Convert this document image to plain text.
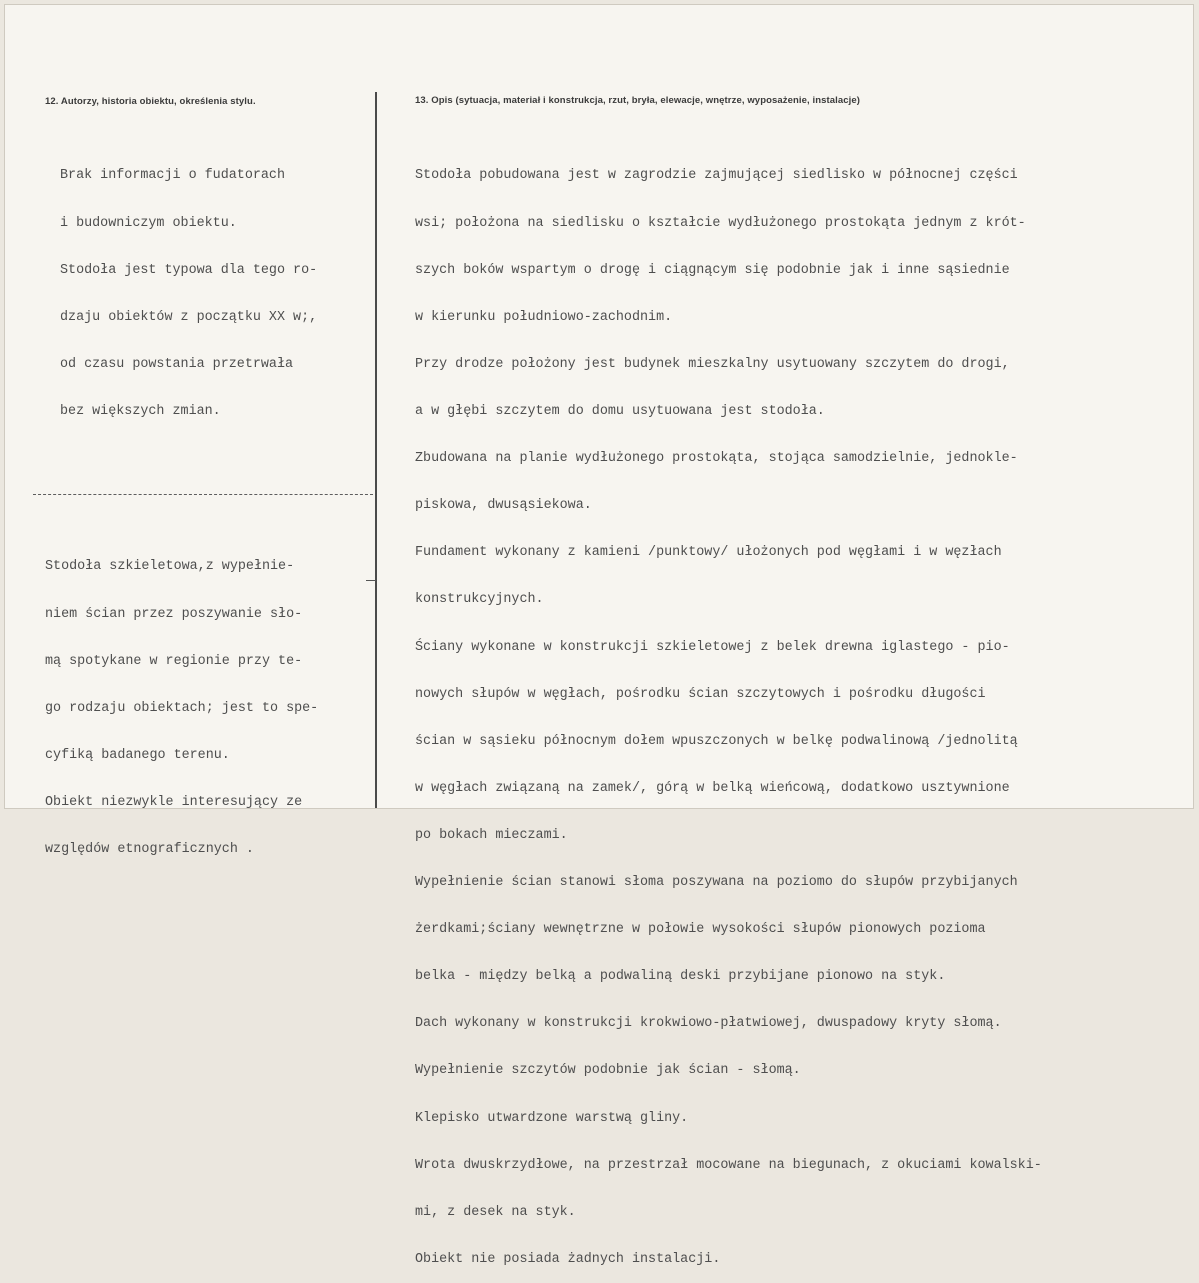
12. Autorzy, historia obiektu, określenia stylu.	13. Opis (sytuacja, materiał i konstrukcja, rzut, bryła, elewacje, wnętrze, wyposażenie, instalacje)

Brak informacji o fudatorach

i budowniczym obiektu.

Stodoła jest typowa dla tego ro-

dzaju obiektów z początku XX w;,

od czasu powstania przetrwała

bez większych zmian.

Stodoła szkieletowa,z wypełnie-

niem ścian przez poszywanie sło-

mą spotykane w regionie przy te-

go rodzaju obiektach; jest to spe-

cyfiką badanego terenu.

Obiekt niezwykle interesujący ze

względów etnograficznych .

Stodoła pobudowana jest w zagrodzie zajmującej siedlisko w północnej części

wsi; położona na siedlisku o kształcie wydłużonego prostokąta jednym z krót-

szych boków wspartym o drogę i ciągnącym się podobnie jak i inne sąsiednie

w kierunku południowo-zachodnim.

Przy drodze położony jest budynek mieszkalny usytuowany szczytem do drogi,

a w głębi szczytem do domu usytuowana jest stodoła.

Zbudowana na planie wydłużonego prostokąta, stojąca samodzielnie, jednokle-

piskowa, dwusąsiekowa.

Fundament wykonany z kamieni /punktowy/ ułożonych pod węgłami i w węzłach

konstrukcyjnych.

Ściany wykonane w konstrukcji szkieletowej z belek drewna iglastego - pio-

nowych słupów w węgłach, pośrodku ścian szczytowych i pośrodku długości

ścian w sąsieku północnym dołem wpuszczonych w belkę podwalinową /jednolitą

w węgłach związaną na zamek/, górą w belką wieńcową, dodatkowo usztywnione

po bokach mieczami.

Wypełnienie ścian stanowi słoma poszywana na poziomo do słupów przybijanych

żerdkami;ściany wewnętrzne w połowie wysokości słupów pionowych pozioma

belka - między belką a podwaliną deski przybijane pionowo na styk.

Dach wykonany w konstrukcji krokwiowo-płatwiowej, dwuspadowy kryty słomą.

Wypełnienie szczytów podobnie jak ścian - słomą.

Klepisko utwardzone warstwą gliny.

Wrota dwuskrzydłowe, na przestrzał mocowane na biegunach, z okuciami kowalski-

mi, z desek na styk.

Obiekt nie posiada żadnych instalacji.
